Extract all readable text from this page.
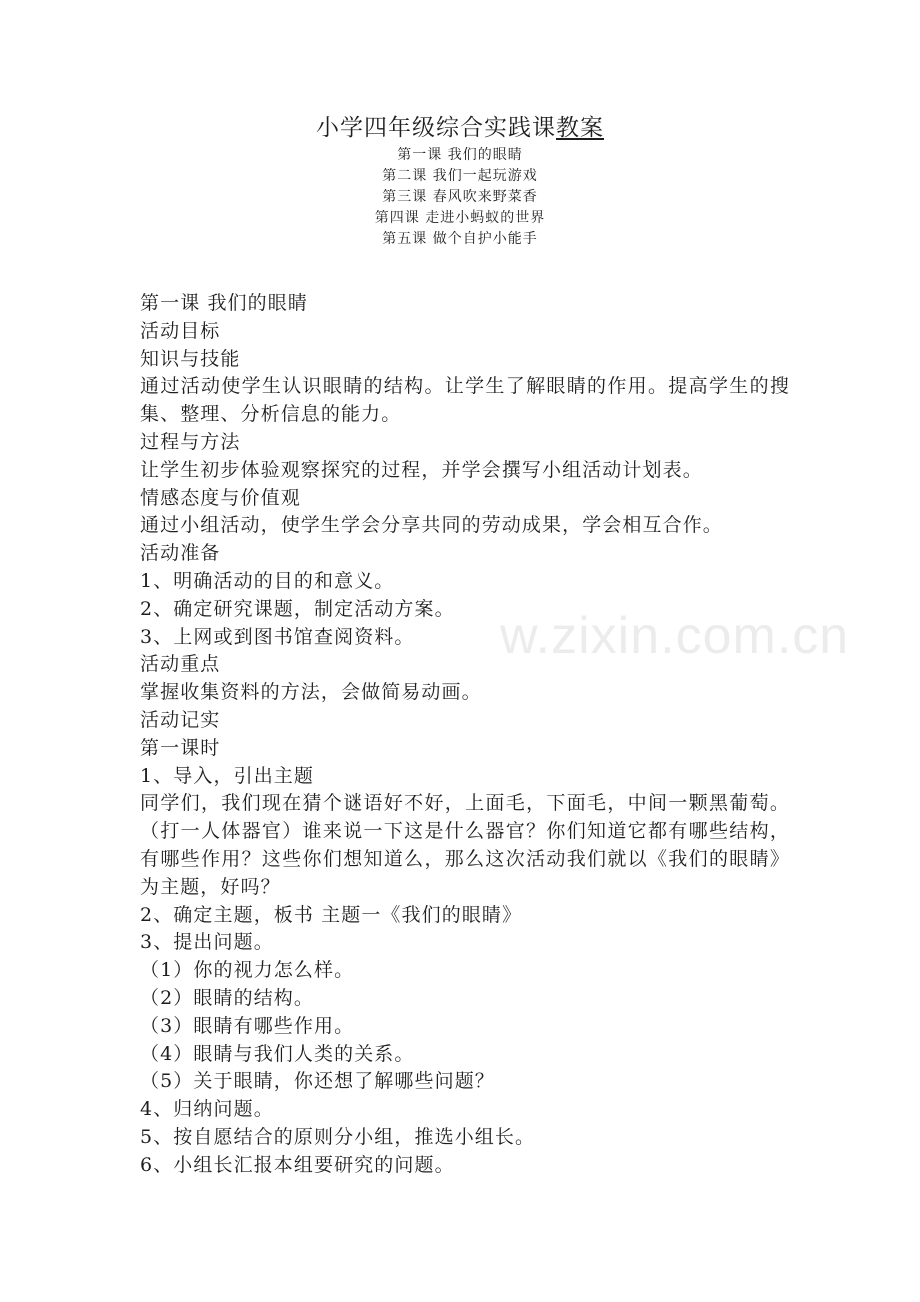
小学四年级综合实践课教案
第一课 我们的眼睛
第二课 我们一起玩游戏
第三课 春风吹来野菜香
第四课 走进小蚂蚁的世界
第五课 做个自护小能手
第一课 我们的眼睛
活动目标
知识与技能
通过活动使学生认识眼睛的结构。让学生了解眼睛的作用。提高学生的搜集、整理、分析信息的能力。
过程与方法
让学生初步体验观察探究的过程，并学会撰写小组活动计划表。
情感态度与价值观
通过小组活动，使学生学会分享共同的劳动成果，学会相互合作。
活动准备
1、明确活动的目的和意义。
2、确定研究课题，制定活动方案。
3、上网或到图书馆查阅资料。
活动重点
掌握收集资料的方法，会做简易动画。
活动记实
第一课时
1、导入，引出主题
同学们，我们现在猜个谜语好不好，上面毛，下面毛，中间一颗黑葡萄。（打一人体器官）谁来说一下这是什么器官？你们知道它都有哪些结构，有哪些作用？这些你们想知道么，那么这次活动我们就以《我们的眼睛》为主题，好吗？
2、确定主题，板书 主题一《我们的眼睛》
3、提出问题。
（1）你的视力怎么样。
（2）眼睛的结构。
（3）眼睛有哪些作用。
（4）眼睛与我们人类的关系。
（5）关于眼睛，你还想了解哪些问题？
4、归纳问题。
5、按自愿结合的原则分小组，推选小组长。
6、小组长汇报本组要研究的问题。
w.zixin.com.cn
